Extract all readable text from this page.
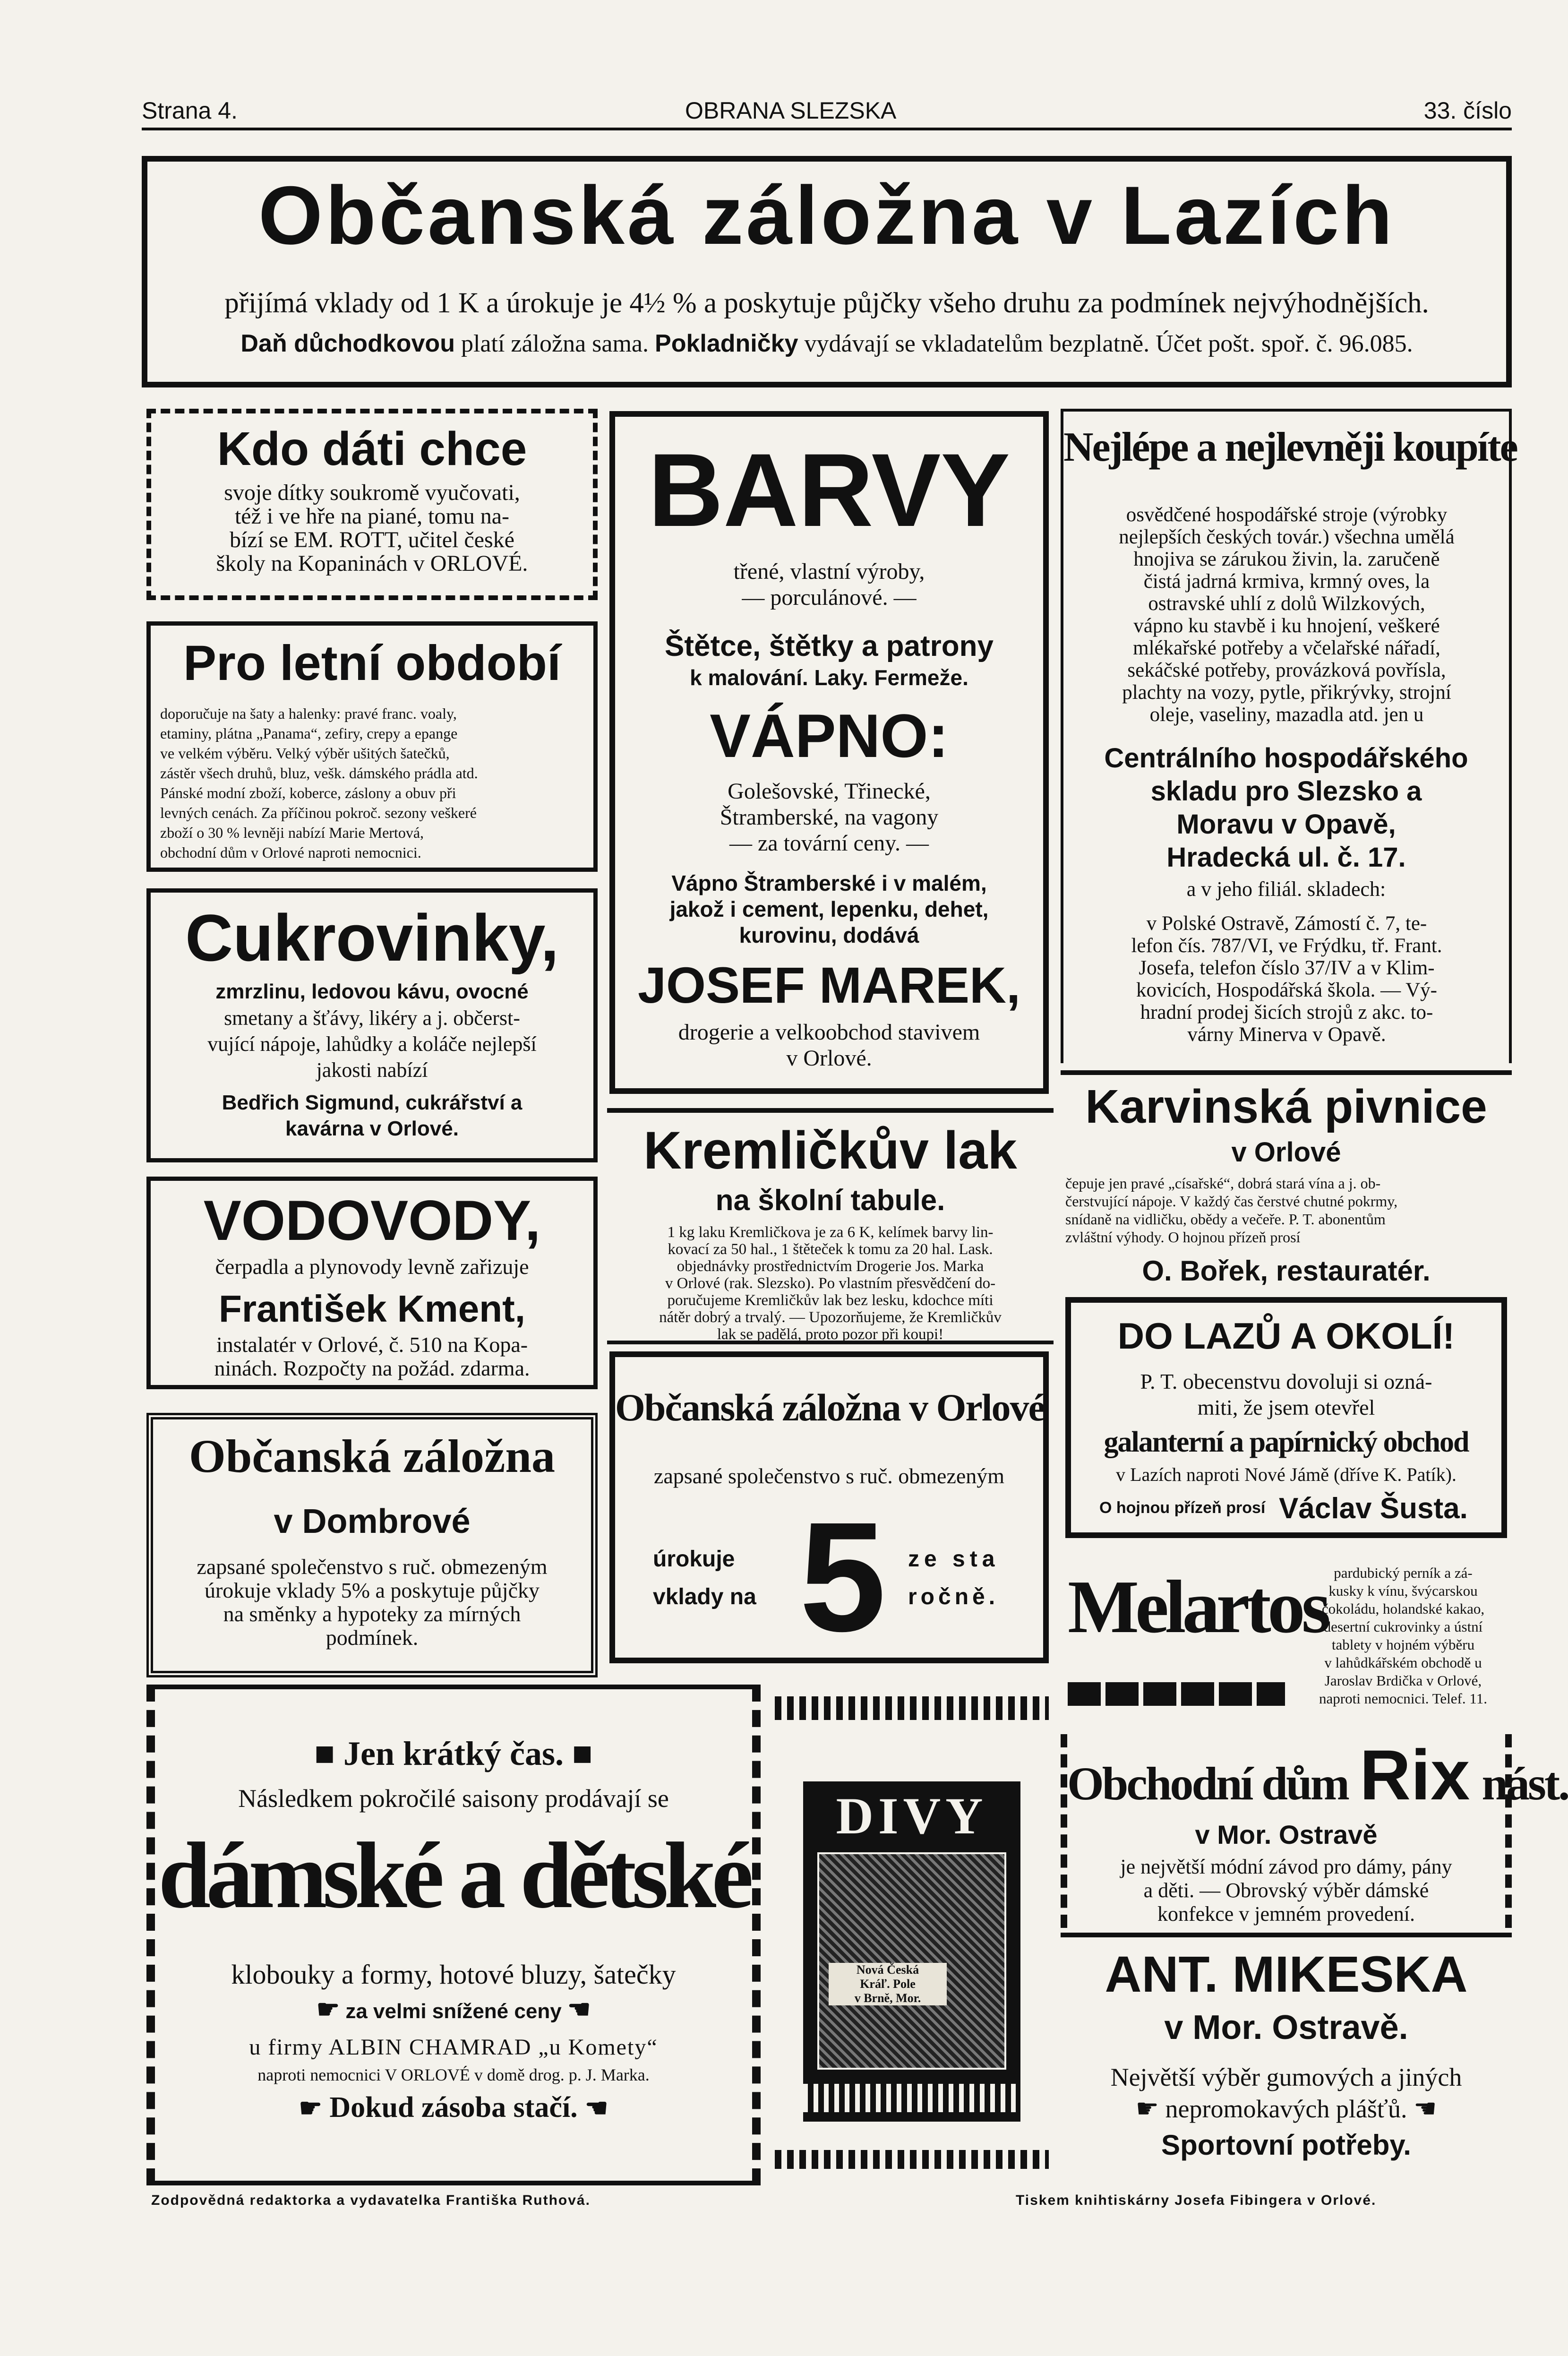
Strana 4.	OBRANA SLEZSKA	33. číslo
Občanská záložna v Lazích
přijímá vklady od 1 K a úrokuje je 4½ % a poskytuje půjčky všeho druhu za podmínek nejvýhodnějších.
Daň důchodkovou platí záložna sama. Pokladničky vydávají se vkladatelům bezplatně. Účet pošt. spoř. č. 96.085.
Kdo dáti chce
svoje dítky soukromě vyučovati,
též i ve hře na piané, tomu na-
bízí se EM. ROTT, učitel české
školy na Kopaninách v ORLOVÉ.
Pro letní období
doporučuje na šaty a halenky: pravé franc. voaly,
etaminy, plátna „Panama“, zefiry, crepy a epange
ve velkém výběru. Velký výběr ušitých šatečků,
zástěr všech druhů, bluz, vešk. dámského prádla atd.
Pánské modní zboží, koberce, záslony a obuv při
levných cenách. Za příčinou pokroč. sezony veškeré
zboží o 30 % levněji nabízí Marie Mertová,
obchodní dům v Orlové naproti nemocnici.
Cukrovinky,
zmrzlinu, ledovou kávu, ovocné
smetany a šťávy, likéry a j. občerst-
vující nápoje, lahůdky a koláče nejlepší
jakosti nabízí
Bedřich Sigmund, cukrářství a
kavárna v Orlové.
VODOVODY,
čerpadla a plynovody levně zařizuje
František Kment,
instalatér v Orlové, č. 510 na Kopa-
ninách. Rozpočty na požád. zdarma.
Občanská záložna
v Dombrové
zapsané společenstvo s ruč. obmezeným
úrokuje vklady 5% a poskytuje půjčky
na směnky a hypoteky za mírných
podmínek.
BARVY
třené, vlastní výroby,
— porculánové. —
Štětce, štětky a patrony
k malování. Laky. Fermeže.
VÁPNO:
Golešovské, Třinecké,
Štramberské, na vagony
— za tovární ceny. —
Vápno Štramberské i v malém,
jakož i cement, lepenku, dehet,
kurovinu, dodává
JOSEF MAREK,
drogerie a velkoobchod stavivem
v Orlové.
Kremličkův lak
na školní tabule.
1 kg laku Kremličkova je za 6 K, kelímek barvy lin-
kovací za 50 hal., 1 štěteček k tomu za 20 hal. Lask.
objednávky prostřednictvím Drogerie Jos. Marka
v Orlové (rak. Slezsko). Po vlastním přesvědčení do-
poručujeme Kremličkův lak bez lesku, kdochce míti
nátěr dobrý a trvalý. — Upozorňujeme, že Kremličkův
lak se padělá, proto pozor při koupi!
Občanská záložna v Orlové
zapsané společenstvo s ruč. obmezeným
úrokuje
vklady na 5 ze sta
ročně.
Nejlépe a nejlevněji koupíte
osvědčené hospodářské stroje (výrobky
nejlepších českých továr.) všechna umělá
hnojiva se zárukou živin, la. zaručeně
čistá jadrná krmiva, krmný oves, la
ostravské uhlí z dolů Wilzkových,
vápno ku stavbě i ku hnojení, veškeré
mlékařské potřeby a včelařské nářadí,
sekáčské potřeby, provázková povřísla,
plachty na vozy, pytle, přikrývky, strojní
oleje, vaseliny, mazadla atd. jen u
Centrálního hospodářského
skladu pro Slezsko a
Moravu v Opavě,
Hradecká ul. č. 17.
a v jeho filiál. skladech:
v Polské Ostravě, Zámostí č. 7, te-
lefon čís. 787/VI, ve Frýdku, tř. Frant.
Josefa, telefon číslo 37/IV a v Klim-
kovicích, Hospodářská škola. — Vý-
hradní prodej šicích strojů z akc. to-
várny Minerva v Opavě.
Karvinská pivnice
v Orlové
čepuje jen pravé „císařské“, dobrá stará vína a j. ob-
čerstvující nápoje. V každý čas čerstvé chutné pokrmy,
snídaně na vidličku, obědy a večeře. P. T. abonentům
zvláštní výhody. O hojnou přízeň prosí
O. Bořek, restauratér.
DO LAZŮ A OKOLÍ!
P. T. obecenstvu dovoluji si ozná-
miti, že jsem otevřel
galanterní a papírnický obchod
v Lazích naproti Nové Jámě (dříve K. Patík).
O hojnou přízeň prosí Václav Šusta.
Melartos pardubický perník a zá-
kusky k vínu, švýcarskou
čokoládu, holandské kakao,
desertní cukrovinky a ústní
tablety v hojném výběru
v lahůdkářském obchodě u
Jaroslav Brdička v Orlové,
naproti nemocnici. Telef. 11.
Obchodní dům Rix nást.
v Mor. Ostravě
je největší módní závod pro dámy, pány
a děti. — Obrovský výběr dámské
konfekce v jemném provedení.
ANT. MIKESKA
v Mor. Ostravě.
Největší výběr gumových a jiných
☛ nepromokavých plášťů. ☛
Sportovní potřeby.
■ Jen krátký čas. ■
Následkem pokročilé saisony prodávají se
dámské a dětské
klobouky a formy, hotové bluzy, šatečky
☛ za velmi snížené ceny ☛
u firmy ALBIN CHAMRAD „u Komety“
naproti nemocnici V ORLOVÉ v domě drog. p. J. Marka.
☛ Dokud zásoba stačí. ☛
DIVY
Nová Česká
Kráľ. Pole
v Brně, Mor.
Zodpovědná redaktorka a vydavatelka Františka Ruthová.	Tiskem knihtiskárny Josefa Fibingera v Orlové.
